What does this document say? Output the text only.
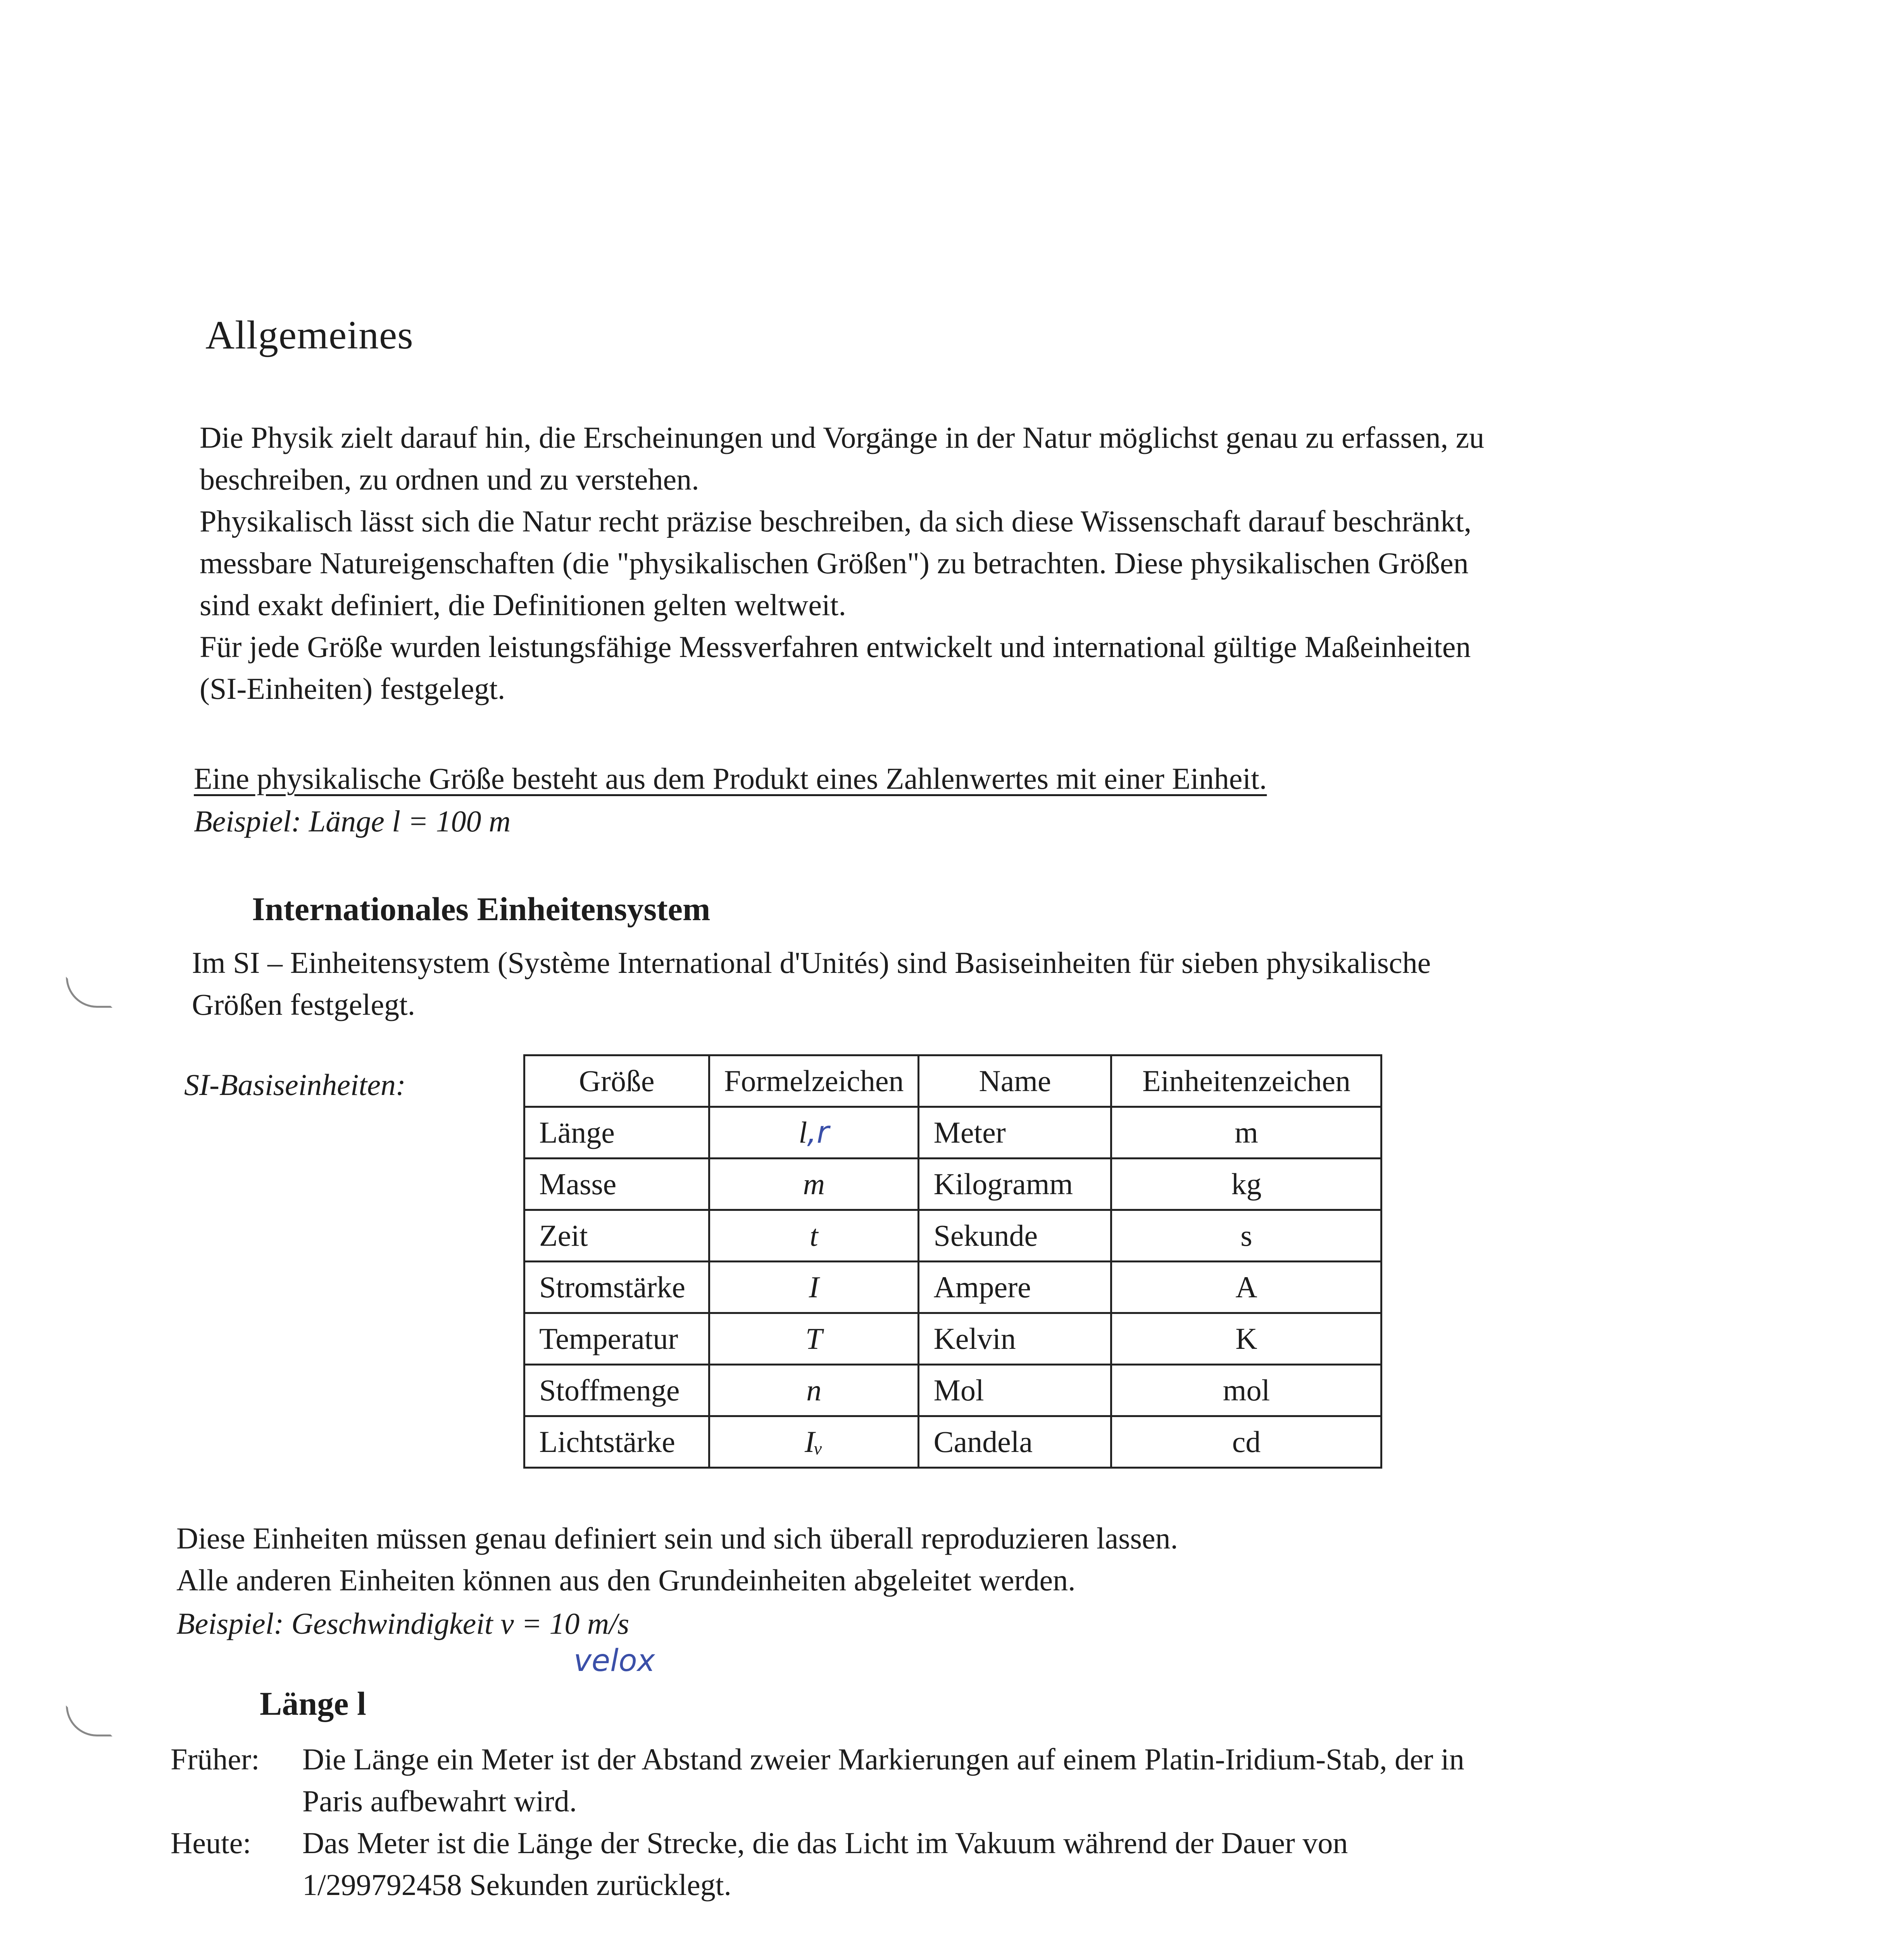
Allgemeines
Die Physik zielt darauf hin, die Erscheinungen und Vorgänge in der Natur möglichst genau zu erfassen, zu
beschreiben, zu ordnen und zu verstehen.
Physikalisch lässt sich die Natur recht präzise beschreiben, da sich diese Wissenschaft darauf beschränkt,
messbare Natureigenschaften (die "physikalischen Größen") zu betrachten. Diese physikalischen Größen
sind exakt definiert, die Definitionen gelten weltweit.
Für jede Größe wurden leistungsfähige Messverfahren entwickelt und international gültige Maßeinheiten
(SI-Einheiten) festgelegt.
Eine physikalische Größe besteht aus dem Produkt eines Zahlenwertes mit einer Einheit.
Beispiel: Länge l = 100 m
Internationales Einheitensystem
Im SI – Einheitensystem (Système International d'Unités) sind Basiseinheiten für sieben physikalische
Größen festgelegt.
SI-Basiseinheiten:	Größe	Formelzeichen	Name	Einheitenzeichen
Länge	l,r	Meter	m
Masse	m	Kilogramm	kg
Zeit	t	Sekunde	s
Stromstärke	I	Ampere	A
Temperatur	T	Kelvin	K
Stoffmenge	n	Mol	mol
Lichtstärke	Iᵥ	Candela	cd
Diese Einheiten müssen genau definiert sein und sich überall reproduzieren lassen.
Alle anderen Einheiten können aus den Grundeinheiten abgeleitet werden.
Beispiel: Geschwindigkeit v = 10 m/s
velox
Länge l
Früher: Die Länge ein Meter ist der Abstand zweier Markierungen auf einem Platin-Iridium-Stab, der in
Paris aufbewahrt wird.
Heute: Das Meter ist die Länge der Strecke, die das Licht im Vakuum während der Dauer von
1/299792458 Sekunden zurücklegt.
